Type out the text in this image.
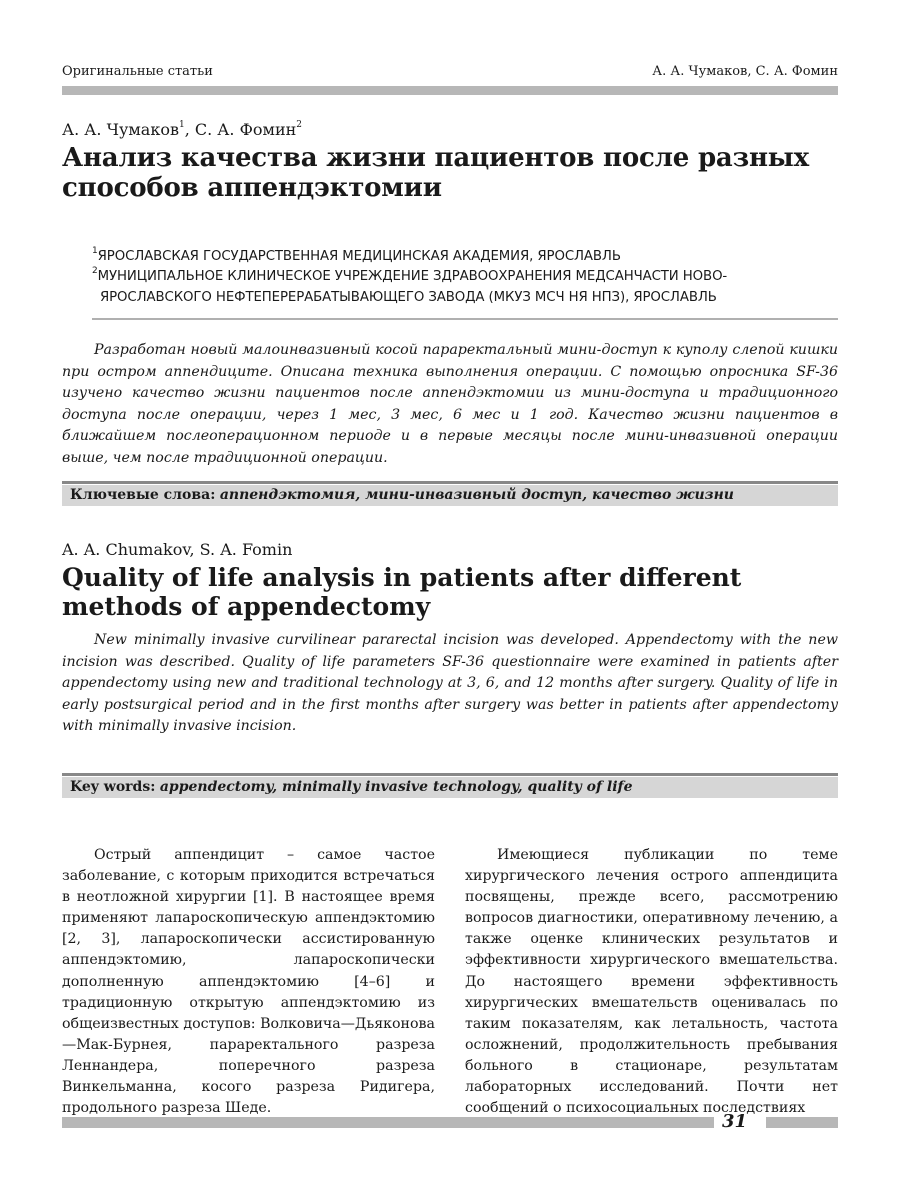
Оригинальные статьи	А. А. Чумаков, С. А. Фомин
А. А. Чумаков$^1$, С. А. Фомин$^2$
Анализ качества жизни пациентов после разных
способов аппендэктомии
$^1$ЯРОСЛАВСКАЯ ГОСУДАРСТВЕННАЯ МЕДИЦИНСКАЯ АКАДЕМИЯ, ЯРОСЛАВЛЬ
$^2$МУНИЦИПАЛЬНОЕ КЛИНИЧЕСКОЕ УЧРЕЖДЕНИЕ ЗДРАВООХРАНЕНИЯ МЕДСАНЧАСТИ НОВО-
ЯРОСЛАВСКОГО НЕФТЕПЕРЕРАБАТЫВАЮЩЕГО ЗАВОДА (МКУЗ МСЧ НЯ НПЗ), ЯРОСЛАВЛЬ

Разработан новый малоинвазивный косой параректальный мини-доступ к куполу слепой кишки при остром аппендиците. Описана техника выполнения операции. С помощью опросника SF-36 изучено качество жизни пациентов после аппендэктомии из мини-доступа и традиционного доступа после операции, через 1 мес, 3 мес, 6 мес и 1 год. Качество жизни пациентов в ближайшем послеоперационном периоде и в первые месяцы после мини-инвазивной операции выше, чем после традиционной операции.

Ключевые слова: аппендэктомия, мини-инвазивный доступ, качество жизни
A. A. Chumakov, S. A. Fomin
Quality of life analysis in patients after different
methods of appendectomy

New minimally invasive curvilinear pararectal incision was developed. Appendectomy with the new incision was described. Quality of life parameters SF-36 questionnaire were examined in patients after appendectomy using new and traditional technology at 3, 6, and 12 months after surgery. Quality of life in early postsurgical period and in the first months after surgery was better in patients after appendectomy with minimally invasive incision.

Key words: appendectomy, minimally invasive technology, quality of life

Острый аппендицит – самое частое заболевание, с которым приходится встречаться в неотложной хирургии [1]. В настоящее время применяют лапароскопическую аппендэктомию [2, 3], лапароскопически ассистированную аппендэктомию, лапароскопически дополненную аппендэктомию [4–6] и традиционную открытую аппендэктомию из общеизвестных доступов: Волковича—Дьяконова—Мак-Бурнея, параректального разреза Леннандера, поперечного разреза Винкельманна, косого разреза Ридигера, продольного разреза Шеде.

Имеющиеся публикации по теме хирургического лечения острого аппендицита посвящены, прежде всего, рассмотрению вопросов диагностики, оперативному лечению, а также оценке клинических результатов и эффективности хирургического вмешательства. До настоящего времени эффективность хирургических вмешательств оценивалась по таким показателям, как летальность, частота осложнений, продолжительность пребывания больного в стационаре, результатам лабораторных исследований. Почти нет сообщений о психосоциальных последствиях

31
